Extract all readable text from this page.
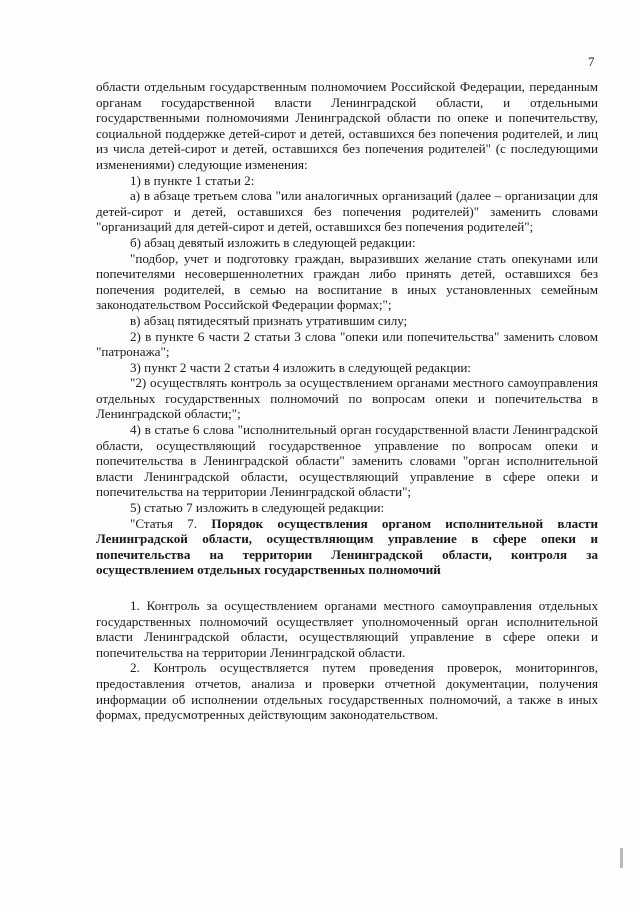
7

области отдельным государственным полномочием Российской Федерации, переданным органам государственной власти Ленинградской области, и отдельными государственными полномочиями Ленинградской области по опеке и попечительству, социальной поддержке детей-сирот и детей, оставшихся без попечения родителей, и лиц из числа детей-сирот и детей, оставшихся без попечения родителей" (с последующими изменениями) следующие изменения:

1) в пункте 1 статьи 2:

а) в абзаце третьем слова "или аналогичных организаций (далее – организации для детей-сирот и детей, оставшихся без попечения родителей)" заменить словами "организаций для детей-сирот и детей, оставшихся без попечения родителей";

б) абзац девятый изложить в следующей редакции:

"подбор, учет и подготовку граждан, выразивших желание стать опекунами или попечителями несовершеннолетних граждан либо принять детей, оставшихся без попечения родителей, в семью на воспитание в иных установленных семейным законодательством Российской Федерации формах;";

в) абзац пятидесятый признать утратившим силу;

2) в пункте 6 части 2 статьи 3 слова "опеки или попечительства" заменить словом "патронажа";

3) пункт 2 части 2 статьи 4 изложить в следующей редакции:

"2) осуществлять контроль за осуществлением органами местного самоуправления отдельных государственных полномочий по вопросам опеки и попечительства в Ленинградской области;";

4) в статье 6 слова "исполнительный орган государственной власти Ленинградской области, осуществляющий государственное управление по вопросам опеки и попечительства в Ленинградской области" заменить словами "орган исполнительной власти Ленинградской области, осуществляющий управление в сфере опеки и попечительства на территории Ленинградской области";

5) статью 7 изложить в следующей редакции:

"Статья 7. Порядок осуществления органом исполнительной власти Ленинградской области, осуществляющим управление в сфере опеки и попечительства на территории Ленинградской области, контроля за осуществлением отдельных государственных полномочий

1. Контроль за осуществлением органами местного самоуправления отдельных государственных полномочий осуществляет уполномоченный орган исполнительной власти Ленинградской области, осуществляющий управление в сфере опеки и попечительства на территории Ленинградской области.

2. Контроль осуществляется путем проведения проверок, мониторингов, предоставления отчетов, анализа и проверки отчетной документации, получения информации об исполнении отдельных государственных полномочий, а также в иных формах, предусмотренных действующим законодательством.
